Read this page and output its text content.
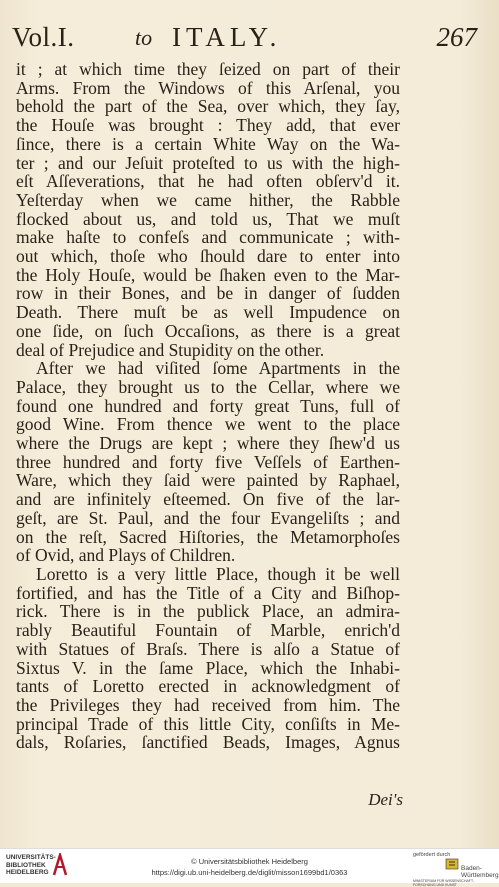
Vol.I.	to ITALY.	267
it ; at which time they ſeized on part of their
Arms. From the Windows of this Arſenal, you
behold the part of the Sea, over which, they ſay,
the Houſe was brought : They add, that ever
ſince, there is a certain White Way on the Wa-
ter ; and our Jeſuit proteſted to us with the high-
eſt Aſſeverations, that he had often obſerv'd it.
Yeſterday when we came hither, the Rabble
flocked about us, and told us, That we muſt
make haſte to confeſs and communicate ; with-
out which, thoſe who ſhould dare to enter into
the Holy Houſe, would be ſhaken even to the Mar-
row in their Bones, and be in danger of ſudden
Death. There muſt be as well Impudence on
one ſide, on ſuch Occaſions, as there is a great
deal of Prejudice and Stupidity on the other.
After we had viſited ſome Apartments in the
Palace, they brought us to the Cellar, where we
found one hundred and forty great Tuns, full of
good Wine. From thence we went to the place
where the Drugs are kept ; where they ſhew'd us
three hundred and forty five Veſſels of Earthen-
Ware, which they ſaid were painted by Raphael,
and are infinitely eſteemed. On five of the lar-
geſt, are St. Paul, and the four Evangeliſts ; and
on the reſt, Sacred Hiſtories, the Metamorphoſes
of Ovid, and Plays of Children.
Loretto is a very little Place, though it be well
fortified, and has the Title of a City and Biſhop-
rick. There is in the publick Place, an admira-
rably Beautiful Fountain of Marble, enrich'd
with Statues of Braſs. There is alſo a Statue of
Sixtus V. in the ſame Place, which the Inhabi-
tants of Loretto erected in acknowledgment of
the Privileges they had received from him. The
principal Trade of this little City, conſiſts in Me-
dals, Roſaries, ſanctified Beads, Images, Agnus
Dei's
UNIVERSITÄTS-BIBLIOTHEK HEIDELBERG
© Universitätsbibliothek Heidelberg
https://digi.ub.uni-heidelberg.de/diglit/misson1699bd1/0363
gefördert durch
Baden-Württemberg
MINISTERIUM FÜR WISSENSCHAFT, FORSCHUNG UND KUNST
